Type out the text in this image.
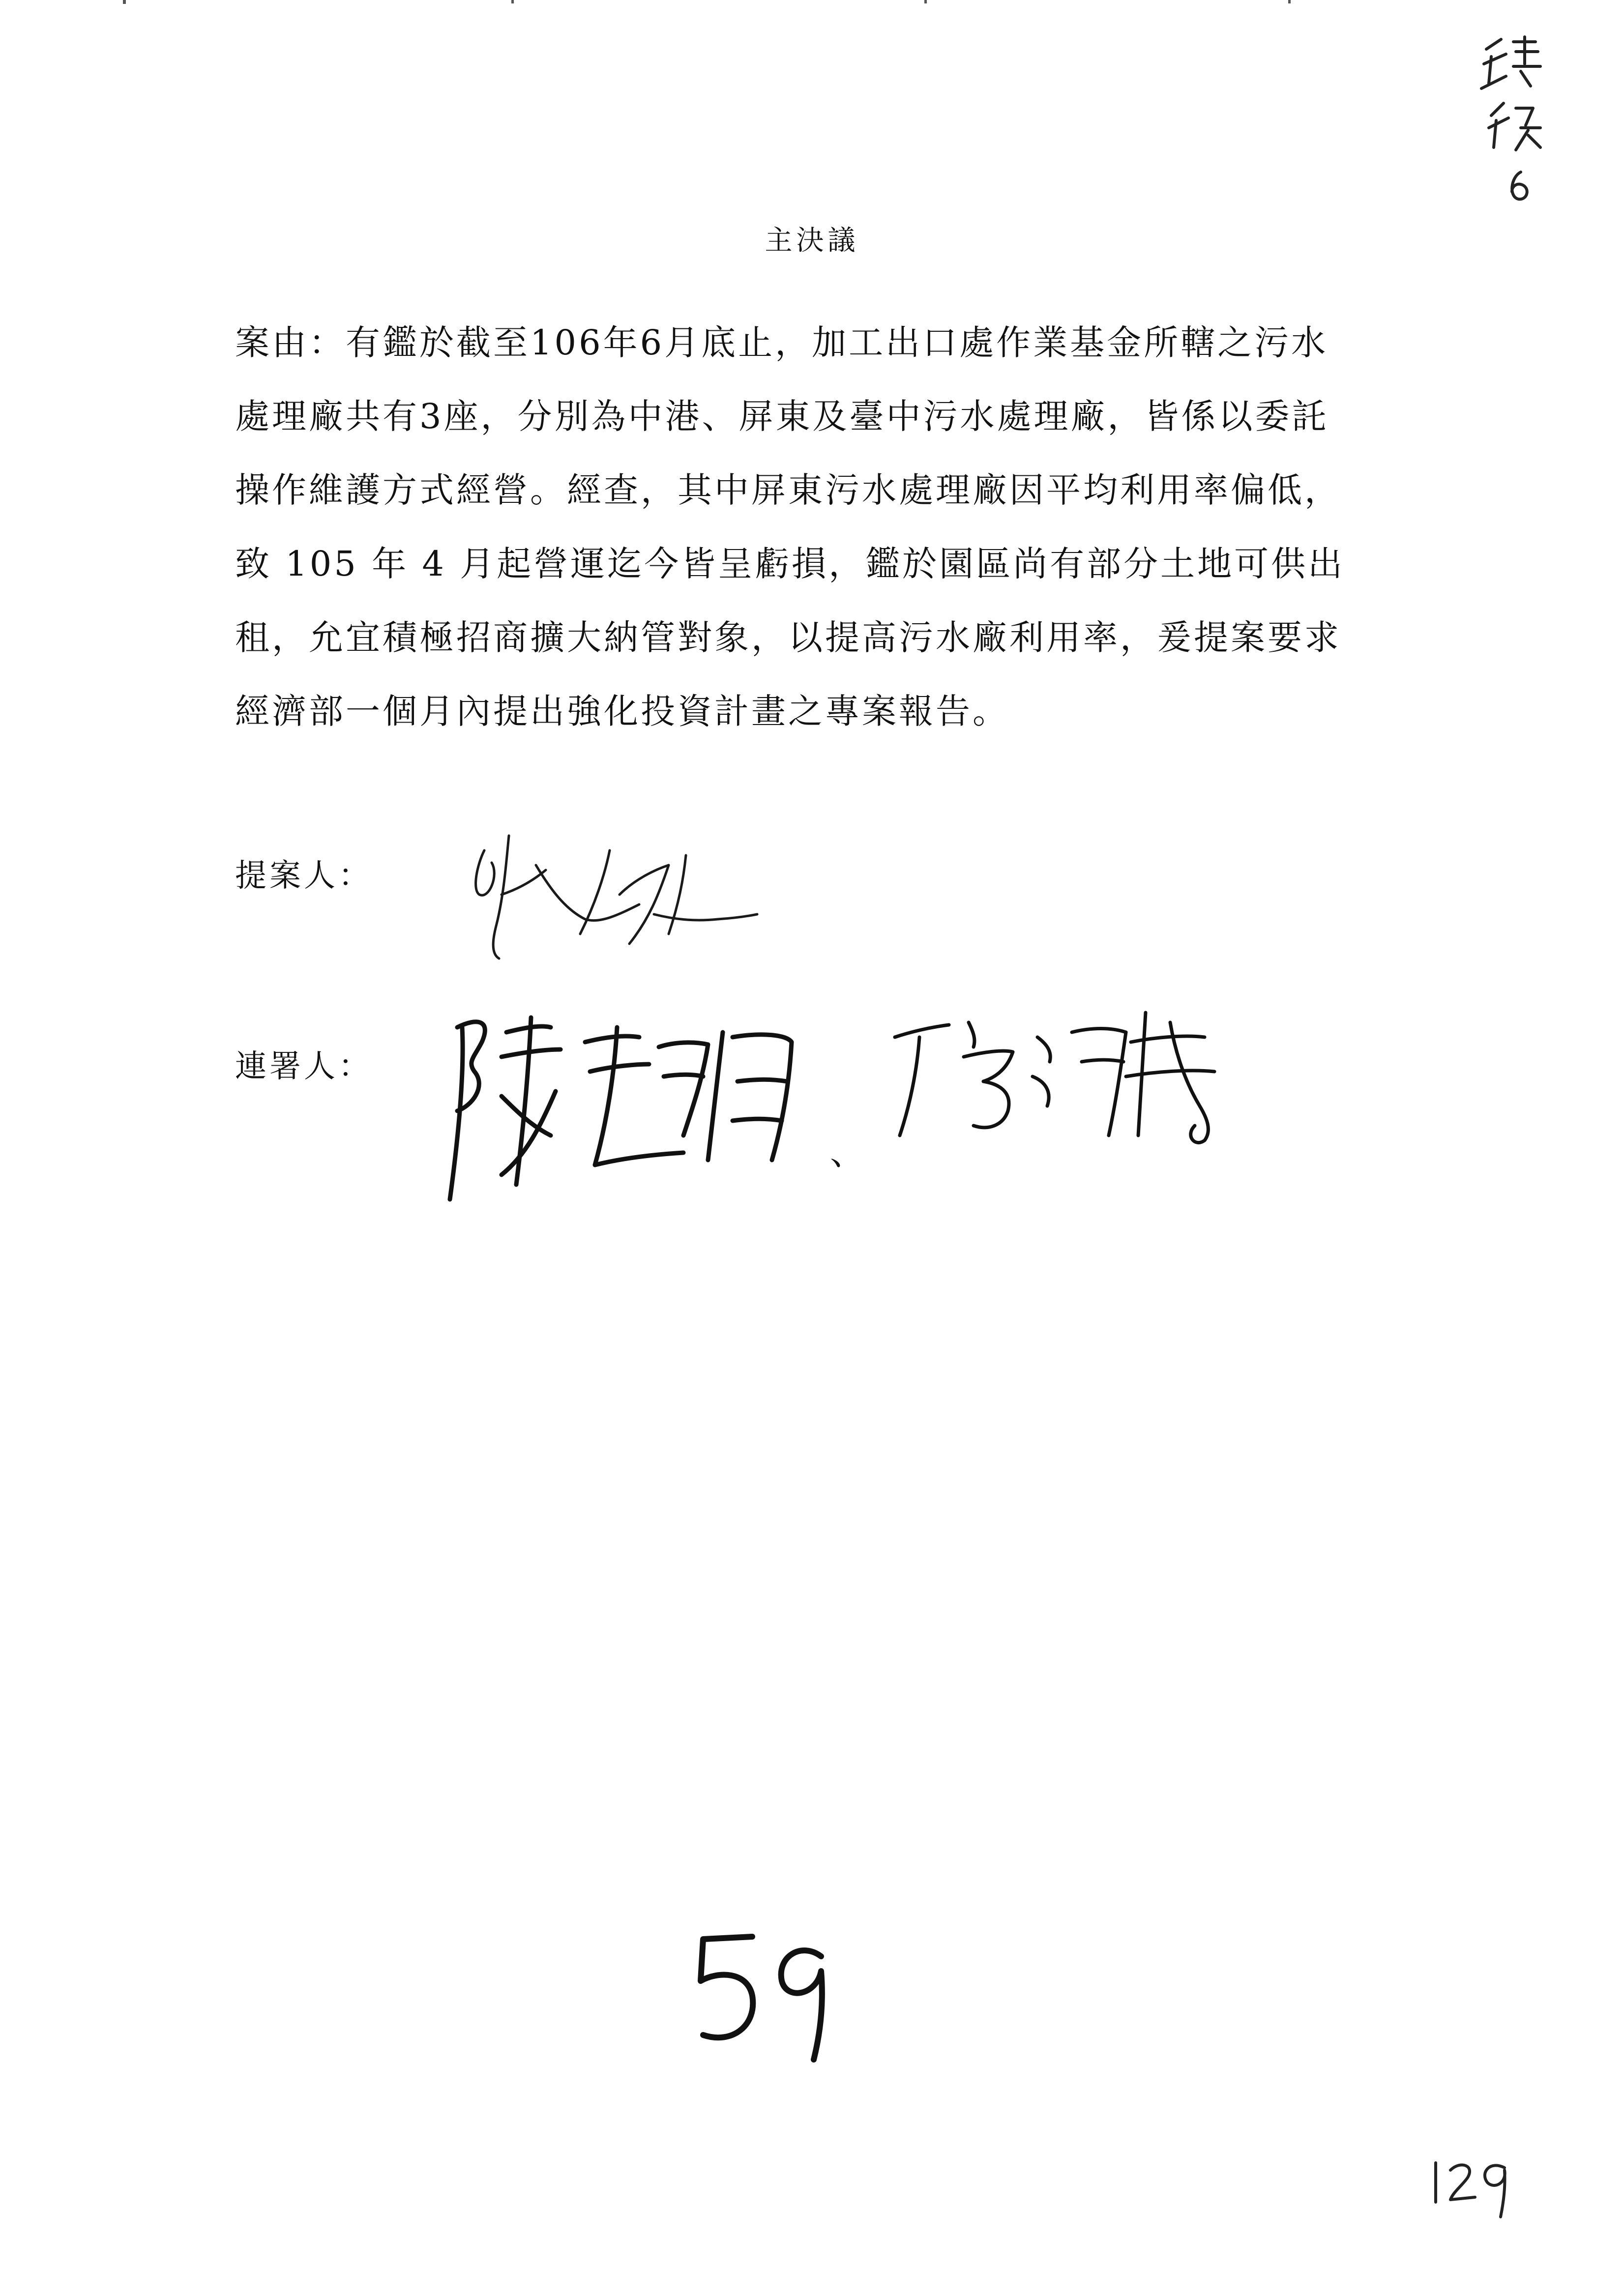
主決議
案由：有鑑於截至106年6月底止，加工出口處作業基金所轄之污水
處理廠共有3座，分別為中港、屏東及臺中污水處理廠，皆係以委託
操作維護方式經營。經查，其中屏東污水處理廠因平均利用率偏低，
致 105 年 4 月起營運迄今皆呈虧損，鑑於園區尚有部分土地可供出
租，允宜積極招商擴大納管對象，以提高污水廠利用率，爰提案要求
經濟部一個月內提出強化投資計畫之專案報告。
提案人：
連署人：
、
